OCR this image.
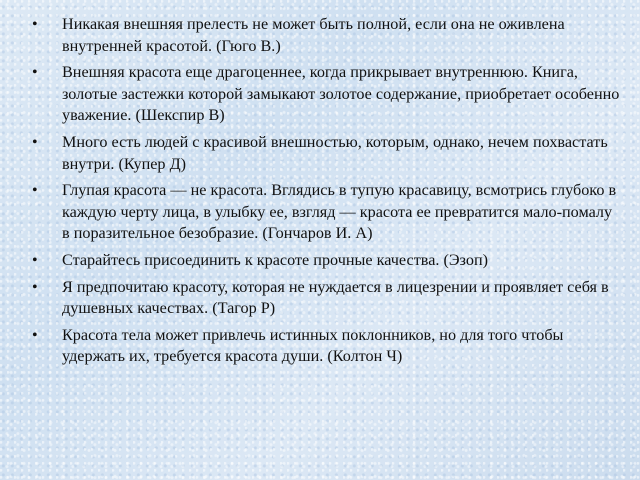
• Никакая внешняя прелесть не может быть полной, если она не оживлена внутренней красотой. (Гюго В.)
• Внешняя красота еще драгоценнее, когда прикрывает внутреннюю. Книга, золотые застежки которой замыкают золотое содержание, приобретает особенно уважение. (Шекспир В)
• Много есть людей с красивой внешностью, которым, однако, нечем похвастать внутри. (Купер Д)
• Глупая красота — не красота. Вглядись в тупую красавицу, всмотрись глубоко в каждую черту лица, в улыбку ее, взгляд — красота ее превратится мало-помалу в поразительное безобразие. (Гончаров И. А)
• Старайтесь присоединить к красоте прочные качества. (Эзоп)
• Я предпочитаю красоту, которая не нуждается в лицезрении и проявляет себя в душевных качествах. (Тагор Р)
• Красота тела может привлечь истинных поклонников, но для того чтобы удержать их, требуется красота души. (Колтон Ч)
